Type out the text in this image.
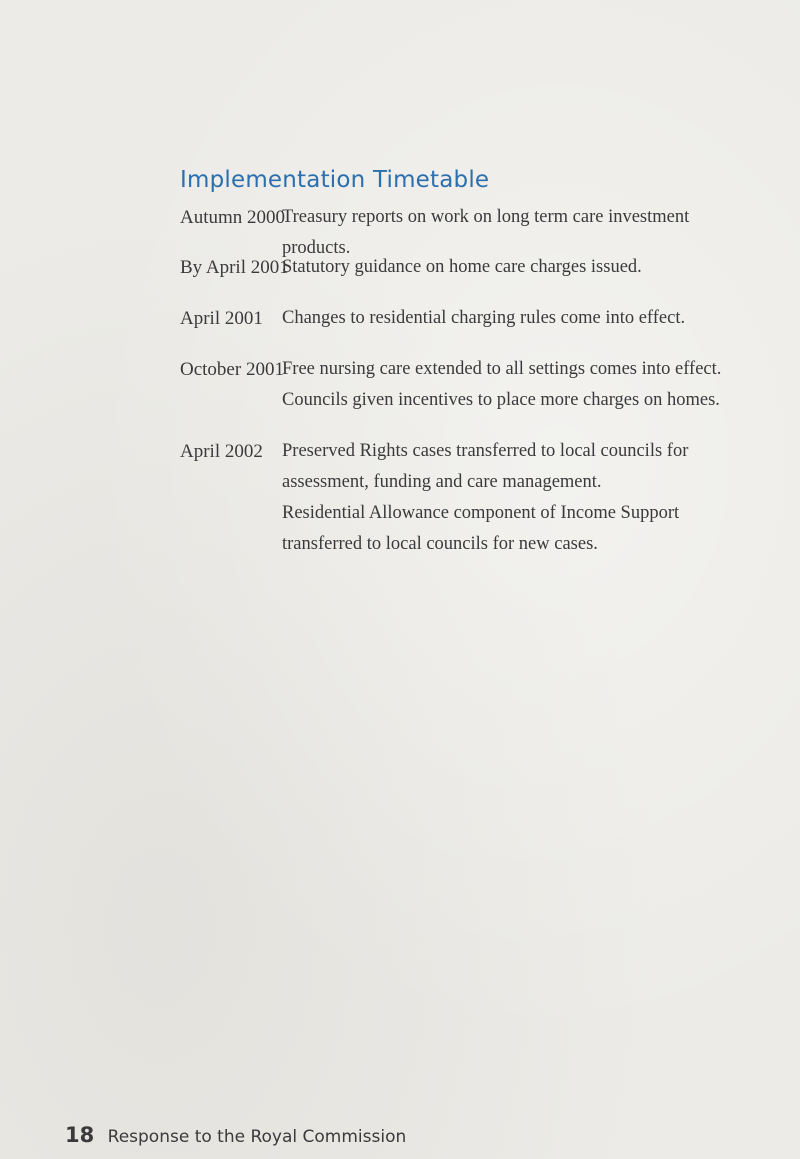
Implementation Timetable
Autumn 2000

Treasury reports on work on long term care investment products.

By April 2001

Statutory guidance on home care charges issued.

April 2001	Changes to residential charging rules come into effect.

October 2001

Free nursing care extended to all settings comes into effect. Councils given incentives to place more charges on homes.

April 2002	Preserved Rights cases transferred to local councils for assessment, funding and care management.

Residential Allowance component of Income Support transferred to local councils for new cases.

18 Response to the Royal Commission
